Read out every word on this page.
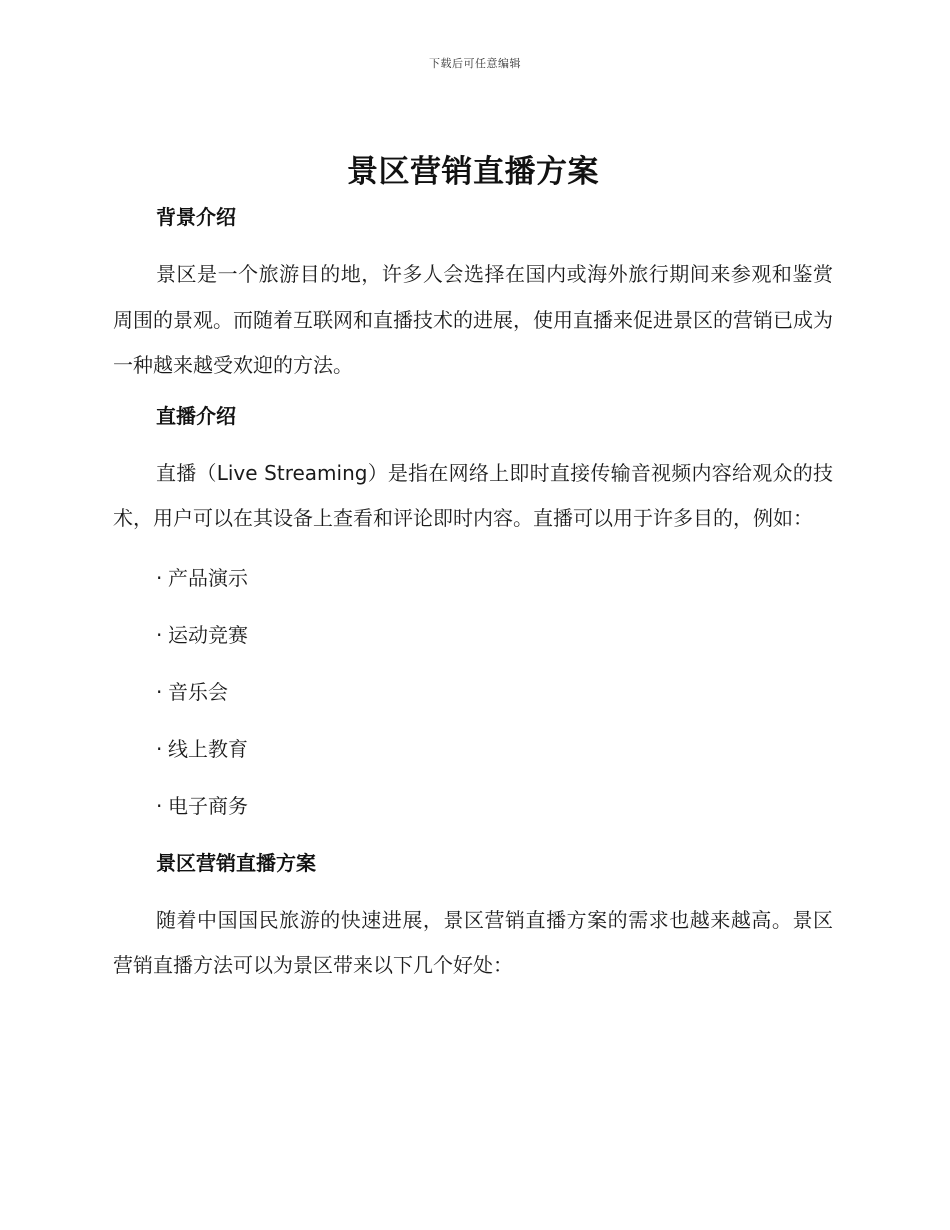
下载后可任意编辑
景区营销直播方案
背景介绍

景区是一个旅游目的地，许多人会选择在国内或海外旅行期间来参观和鉴赏周围的景观。而随着互联网和直播技术的进展，使用直播来促进景区的营销已成为一种越来越受欢迎的方法。

直播介绍

直播（Live Streaming）是指在网络上即时直接传输音视频内容给观众的技术，用户可以在其设备上查看和评论即时内容。直播可以用于许多目的，例如：

· 产品演示
· 运动竞赛
· 音乐会
· 线上教育
· 电子商务
景区营销直播方案

随着中国国民旅游的快速进展，景区营销直播方案的需求也越来越高。景区营销直播方法可以为景区带来以下几个好处：
